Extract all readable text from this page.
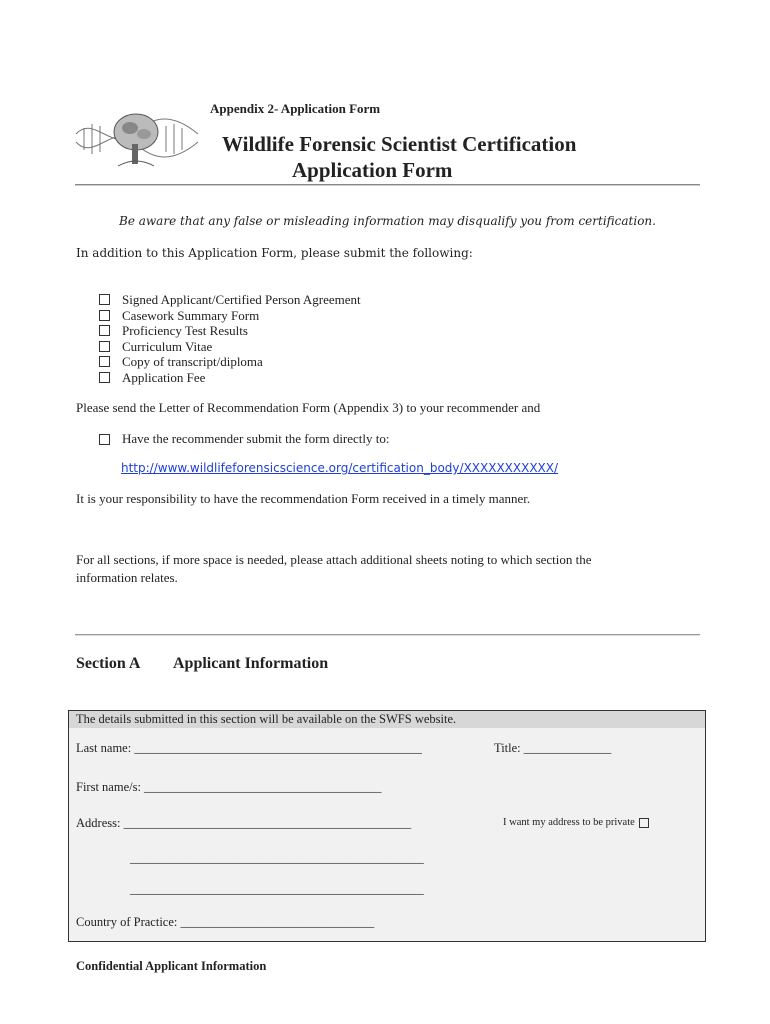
Appendix 2- Application Form
Wildlife Forensic Scientist Certification
Application Form
Be aware that any false or misleading information may disqualify you from certification.
In addition to this Application Form, please submit the following:
Signed Applicant/Certified Person Agreement
Casework Summary Form
Proficiency Test Results
Curriculum Vitae
Copy of transcript/diploma
Application Fee
Please send the Letter of Recommendation Form (Appendix 3) to your recommender and
Have the recommender submit the form directly to:
http://www.wildlifeforensicscience.org/certification_body/XXXXXXXXXXX/
It is your responsibility to have the recommendation Form received in a timely manner.
For all sections, if more space is needed, please attach additional sheets noting to which section the
information relates.
Section A Applicant Information
The details submitted in this section will be available on the SWFS website.
Last name: ______________________________________________	Title: ______________
First name/s: ______________________________________
Address: ______________________________________________	I want my address to be private
_______________________________________________
_______________________________________________
Country of Practice: _______________________________
Confidential Applicant Information
